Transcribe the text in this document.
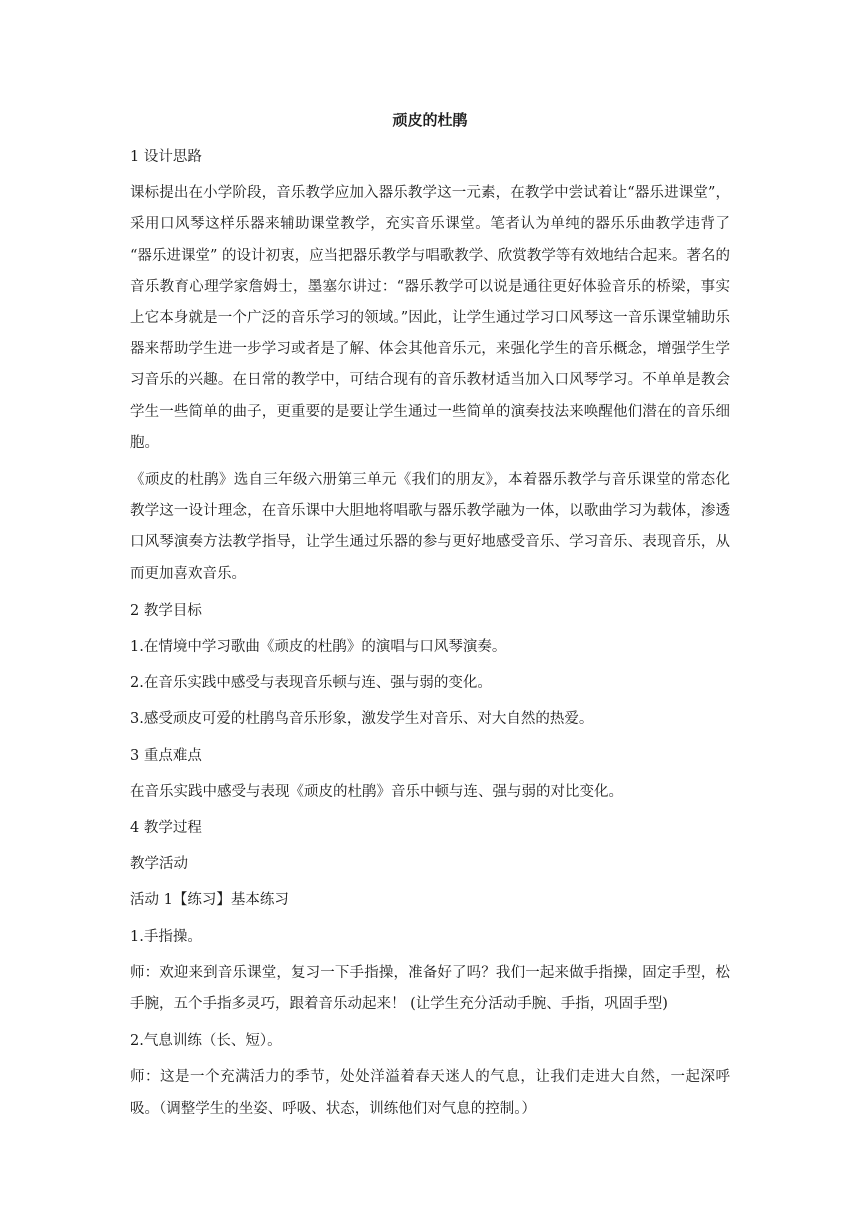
顽皮的杜鹃

1 设计思路

课标提出在小学阶段，音乐教学应加入器乐教学这一元素，在教学中尝试着让“器乐进课堂”，采用口风琴这样乐器来辅助课堂教学，充实音乐课堂。笔者认为单纯的器乐乐曲教学违背了 “器乐进课堂” 的设计初衷，应当把器乐教学与唱歌教学、欣赏教学等有效地结合起来。著名的音乐教育心理学家詹姆士，墨塞尔讲过：“器乐教学可以说是通往更好体验音乐的桥梁，事实上它本身就是一个广泛的音乐学习的领域。”因此，让学生通过学习口风琴这一音乐课堂辅助乐器来帮助学生进一步学习或者是了解、体会其他音乐元，来强化学生的音乐概念，增强学生学习音乐的兴趣。在日常的教学中，可结合现有的音乐教材适当加入口风琴学习。不单单是教会学生一些简单的曲子，更重要的是要让学生通过一些简单的演奏技法来唤醒他们潜在的音乐细胞。

《顽皮的杜鹃》选自三年级六册第三单元《我们的朋友》，本着器乐教学与音乐课堂的常态化教学这一设计理念，在音乐课中大胆地将唱歌与器乐教学融为一体，以歌曲学习为载体，渗透口风琴演奏方法教学指导，让学生通过乐器的参与更好地感受音乐、学习音乐、表现音乐，从而更加喜欢音乐。

2 教学目标

1.在情境中学习歌曲《顽皮的杜鹃》的演唱与口风琴演奏。

2.在音乐实践中感受与表现音乐顿与连、强与弱的变化。

3.感受顽皮可爱的杜鹃鸟音乐形象，激发学生对音乐、对大自然的热爱。

3 重点难点

在音乐实践中感受与表现《顽皮的杜鹃》音乐中顿与连、强与弱的对比变化。

4 教学过程

教学活动

活动 1【练习】基本练习

1.手指操。

师：欢迎来到音乐课堂，复习一下手指操，准备好了吗？我们一起来做手指操，固定手型，松手腕，五个手指多灵巧，跟着音乐动起来！ (让学生充分活动手腕、手指，巩固手型)

2.气息训练（长、短）。

师：这是一个充满活力的季节，处处洋溢着春天迷人的气息，让我们走进大自然，一起深呼吸。（调整学生的坐姿、呼吸、状态，训练他们对气息的控制。）
